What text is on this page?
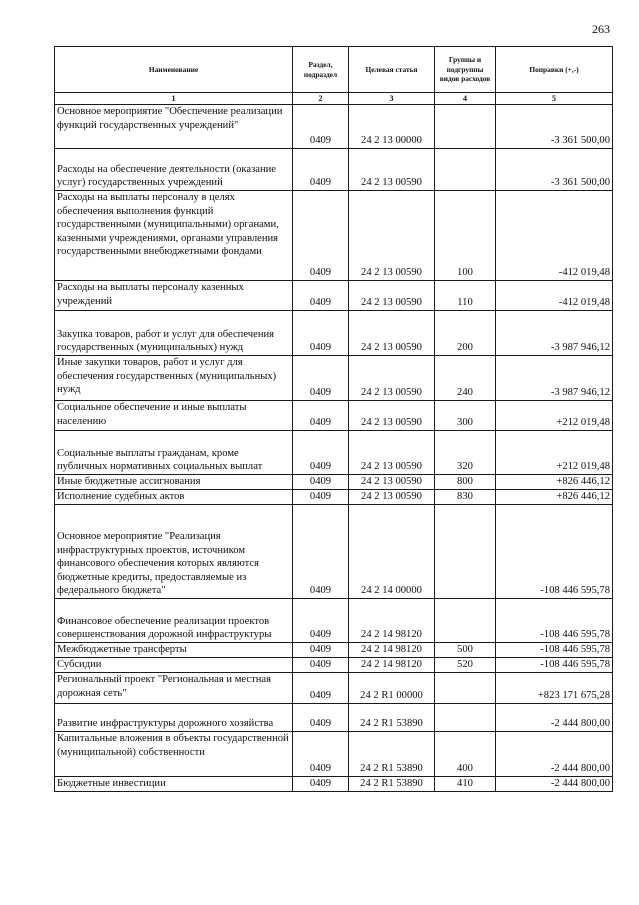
263
Наименование	Раздел, подраздел	Целевая статья	Группы и подгруппы видов расходов	Поправки (+,-)
1	2	3	4	5
Основное мероприятие "Обеспечение реализации функций государственных учреждений"	0409	24 2 13 00000		-3 361 500,00
Расходы на обеспечение деятельности (оказание услуг) государственных учреждений	0409	24 2 13 00590		-3 361 500,00
Расходы на выплаты персоналу в целях обеспечения выполнения функций государственными (муниципальными) органами, казенными учреждениями, органами управления государственными внебюджетными фондами	0409	24 2 13 00590	100	-412 019,48
Расходы на выплаты персоналу казенных учреждений	0409	24 2 13 00590	110	-412 019,48
Закупка товаров, работ и услуг для обеспечения государственных (муниципальных) нужд	0409	24 2 13 00590	200	-3 987 946,12
Иные закупки товаров, работ и услуг для обеспечения государственных (муниципальных) нужд	0409	24 2 13 00590	240	-3 987 946,12
Социальное обеспечение и иные выплаты населению	0409	24 2 13 00590	300	+212 019,48
Социальные выплаты гражданам, кроме публичных нормативных социальных выплат	0409	24 2 13 00590	320	+212 019,48
Иные бюджетные ассигнования	0409	24 2 13 00590	800	+826 446,12
Исполнение судебных актов	0409	24 2 13 00590	830	+826 446,12
Основное мероприятие "Реализация инфраструктурных проектов, источником финансового обеспечения которых являются бюджетные кредиты, предоставляемые из федерального бюджета"	0409	24 2 14 00000		-108 446 595,78
Финансовое обеспечение реализации проектов совершенствования дорожной инфраструктуры	0409	24 2 14 98120		-108 446 595,78
Межбюджетные трансферты	0409	24 2 14 98120	500	-108 446 595,78
Субсидии	0409	24 2 14 98120	520	-108 446 595,78
Региональный проект "Региональная и местная дорожная сеть"	0409	24 2 R1 00000		+823 171 675,28
Развитие инфраструктуры дорожного хозяйства	0409	24 2 R1 53890		-2 444 800,00
Капитальные вложения в объекты государственной (муниципальной) собственности	0409	24 2 R1 53890	400	-2 444 800,00
Бюджетные инвестиции	0409	24 2 R1 53890	410	-2 444 800,00
